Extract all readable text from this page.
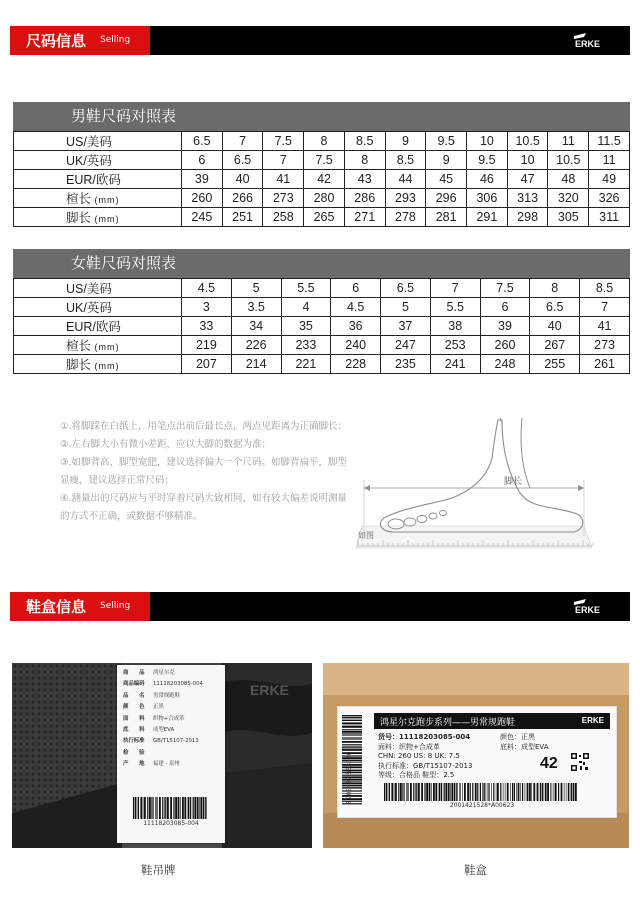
尺码信息 Selling	ERKE
男鞋尺码对照表
US/美码	6.5	7	7.5	8	8.5	9	9.5	10	10.5	11	11.5
UK/英码	6	6.5	7	7.5	8	8.5	9	9.5	10	10.5	11
EUR/欧码	39	40	41	42	43	44	45	46	47	48	49
楦长 (mm)	260	266	273	280	286	293	296	306	313	320	326
脚长 (mm)	245	251	258	265	271	278	281	291	298	305	311
女鞋尺码对照表
US/美码	4.5	5	5.5	6	6.5	7	7.5	8	8.5
UK/英码	3	3.5	4	4.5	5	5.5	6	6.5	7
EUR/欧码	33	34	35	36	37	38	39	40	41
楦长 (mm)	219	226	233	240	247	253	260	267	273
脚长 (mm)	207	214	221	228	235	241	248	255	261

①.将脚踩在白纸上，用笔点出前后最长点，两点见距离为正确脚长；

②.左右脚大小有微小差距，应以大脚的数据为准；

③.如脚背高，脚型宽肥，建议选择偏大一个尺码。如脚背扁平，脚型显瘦，建议选择正常尺码；

④.测量出的尺码应与平时穿着尺码大致相同，如有较大偏差说明测量的方式不正确，或数据不够精准。

脚长
如图
鞋盒信息 Selling	ERKE
ERKE
商　　品 鸿星尔克
商品编码 11118203085-004
品　　名 男常规跑鞋
颜　　色 正黑
面　　料 织物+合成革
底　　料 成型EVA
执行标准 GB/T15107-2013
检　　验
产　　地 福建 · 泉州
11118203085-004
鞋吊牌
6 908432 553320
鸿星尔克跑步系列——男常规跑鞋	ERKE
货号：11118203085-004
面料：织物+合成革
CHN: 260 US: 8 UK: 7.5
执行标准：GB/T15107-2013
等级：合格品 鞋型：2.5
颜色：正黑
底料：成型EVA
42
2001421528*A00623
鞋盒
